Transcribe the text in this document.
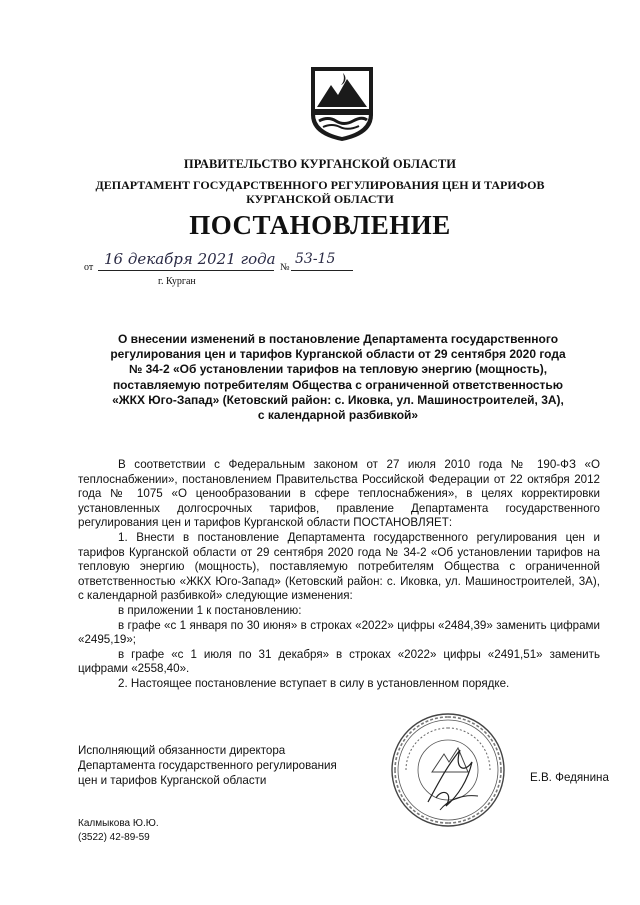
ПРАВИТЕЛЬСТВО КУРГАНСКОЙ ОБЛАСТИ
ДЕПАРТАМЕНТ ГОСУДАРСТВЕННОГО РЕГУЛИРОВАНИЯ ЦЕН И ТАРИФОВ
КУРГАНСКОЙ ОБЛАСТИ
ПОСТАНОВЛЕНИЕ
от 16 декабря 2021 года №
53-15
г. Курган
О внесении изменений в постановление Департамента государственного
регулирования цен и тарифов Курганской области от 29 сентября 2020 года
№ 34-2 «Об установлении тарифов на тепловую энергию (мощность),
поставляемую потребителям Общества с ограниченной ответственностью
«ЖКХ Юго-Запад» (Кетовский район: с. Иковка, ул. Машиностроителей, 3А),
с календарной разбивкой»

В соответствии с Федеральным законом от 27 июля 2010 года № 190-ФЗ «О теплоснабжении», постановлением Правительства Российской Федерации от 22 октября 2012 года № 1075 «О ценообразовании в сфере теплоснабжения», в целях корректировки установленных долгосрочных тарифов, правление Департамента государственного регулирования цен и тарифов Курганской области ПОСТАНОВЛЯЕТ:

1. Внести в постановление Департамента государственного регулирования цен и тарифов Курганской области от 29 сентября 2020 года № 34-2 «Об установлении тарифов на тепловую энергию (мощность), поставляемую потребителям Общества с ограниченной ответственностью «ЖКХ Юго-Запад» (Кетовский район: с. Иковка, ул. Машиностроителей, 3А), с календарной разбивкой» следующие изменения:

в приложении 1 к постановлению:

в графе «с 1 января по 30 июня» в строках «2022» цифры «2484,39» заменить цифрами «2495,19»;

в графе «с 1 июля по 31 декабря» в строках «2022» цифры «2491,51» заменить цифрами «2558,40».

2. Настоящее постановление вступает в силу в установленном порядке.

Исполняющий обязанности директора
Департамента государственного регулирования
цен и тарифов Курганской области	Е.В. Федянина
Калмыкова Ю.Ю.
(3522) 42-89-59
